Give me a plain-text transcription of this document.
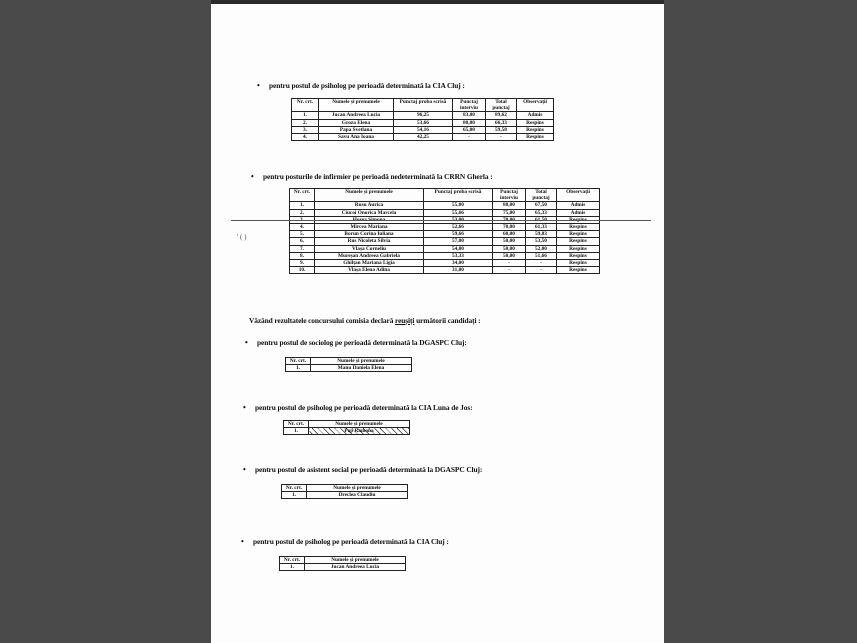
• pentru postul de psiholog pe perioadă determinată la CIA Cluj :
Nr. crt.	Numele și prenumele	Punctaj proba scrisă	Punctaj interviu	Total punctaj	Observații
1.	Jucan Andreea Lucia	96,25	83,00	89,62	Admis
2.	Groza Elena	53,66	80,00	66,33	Respins
3.	Papa Svetlana	54,16	65,00	59,58	Respins
4.	Savu Ana Ioana	42,25	-	-	Respins
• pentru posturile de infirmier pe perioadă nedeterminată la CRRN Gherla :
Nr. crt.	Numele și prenumele	Punctaj proba scrisă	Punctaj interviu	Total punctaj	Observații
1.	Rusu Aurica	55,00	80,00	67,50	Admis
2.	Ciucoi Onorica Marcela	55,66	75,00	65,33	Admis
3.	Horea Simona	53,00	70,00	61,50	Respins
4.	Mircea Mariana	52,66	70,00	61,33	Respins
5.	Borun Corina Iuliana	59,66	60,00	59,83	Respins
6.	Rus Nicoleta Silvia	57,00	50,00	53,50	Respins
7.	Vlașa Corneliu	54,00	50,00	52,00	Respins
8.	Mureșan Andreea Gabriela	53,33	50,00	51,66	Respins
9.	Ghilțan Mariana Ligia	34,00	-	-	Respins
10.	Vlașa Elena Adina	31,00	-	-	Respins
' ( )
Văzând rezultatele concursului comisia declară reușiți următorii candidați :
• pentru postul de sociolog pe perioadă determinată la DGASPC Cluj:
Nr. crt.	Numele și prenumele
1.	Manu Daniela Elena
• pentru postul de psiholog pe perioadă determinată la CIA Luna de Jos:
Nr. crt.	Numele și prenumele
1.	Pop Ramona
• pentru postul de asistent social pe perioadă determinată la DGASPC Cluj:
Nr. crt.	Numele și prenumele
1.	Dreclea Claudiu
• pentru postul de psiholog pe perioadă determinată la CIA Cluj :
Nr. crt.	Numele și prenumele
1.	Jucan Andreea Lucia
